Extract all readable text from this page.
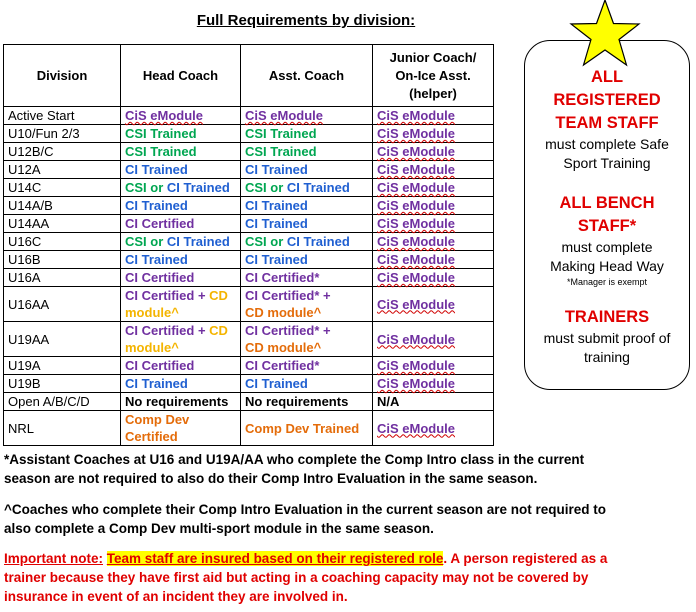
Full Requirements by division:
Division	Head Coach	Asst. Coach	Junior Coach/
On-Ice Asst.
(helper)
Active Start	CiS eModule	CiS eModule	CiS eModule
U10/Fun 2/3	CSI Trained	CSI Trained	CiS eModule
U12B/C	CSI Trained	CSI Trained	CiS eModule
U12A	CI Trained	CI Trained	CiS eModule
U14C	CSI or CI Trained	CSI or CI Trained	CiS eModule
U14A/B	CI Trained	CI Trained	CiS eModule
U14AA	CI Certified	CI Trained	CiS eModule
U16C	CSI or CI Trained	CSI or CI Trained	CiS eModule
U16B	CI Trained	CI Trained	CiS eModule
U16A	CI Certified	CI Certified*	CiS eModule
U16AA	CI Certified + CD module^	CI Certified* +
CD module^	CiS eModule
U19AA	CI Certified + CD module^	CI Certified* +
CD module^	CiS eModule
U19A	CI Certified	CI Certified*	CiS eModule
U19B	CI Trained	CI Trained	CiS eModule
Open A/B/C/D	No requirements	No requirements	N/A
NRL	Comp Dev Certified	Comp Dev Trained	CiS eModule
ALL REGISTERED TEAM STAFF
must complete Safe Sport Training
ALL BENCH STAFF*
must complete Making Head Way
*Manager is exempt
TRAINERS
must submit proof of training
*Assistant Coaches at U16 and U19A/AA who complete the Comp Intro class in the current season are not required to also do their Comp Intro Evaluation in the same season.
^Coaches who complete their Comp Intro Evaluation in the current season are not required to also complete a Comp Dev multi-sport module in the same season.
Important note: Team staff are insured based on their registered role. A person registered as a trainer because they have first aid but acting in a coaching capacity may not be covered by insurance in event of an incident they are involved in.
